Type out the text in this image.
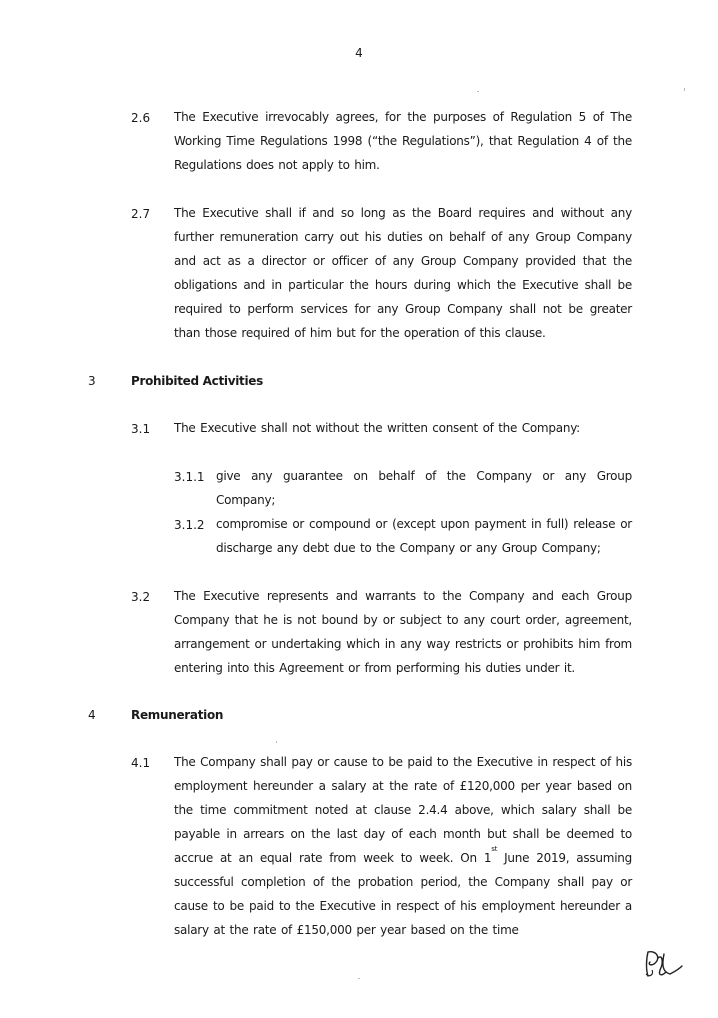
4
2.6 The Executive irrevocably agrees, for the purposes of Regulation 5 of The Working Time Regulations 1998 (“the Regulations”), that Regulation 4 of the Regulations does not apply to him.
2.7 The Executive shall if and so long as the Board requires and without any further remuneration carry out his duties on behalf of any Group Company and act as a director or officer of any Group Company provided that the obligations and in particular the hours during which the Executive shall be required to perform services for any Group Company shall not be greater than those required of him but for the operation of this clause.
3	Prohibited Activities
3.1 The Executive shall not without the written consent of the Company:
3.1.1 give any guarantee on behalf of the Company or any Group Company;
3.1.2 compromise or compound or (except upon payment in full) release or discharge any debt due to the Company or any Group Company;
3.2 The Executive represents and warrants to the Company and each Group Company that he is not bound by or subject to any court order, agreement, arrangement or undertaking which in any way restricts or prohibits him from entering into this Agreement or from performing his duties under it.
4	Remuneration
4.1 The Company shall pay or cause to be paid to the Executive in respect of his employment hereunder a salary at the rate of £120,000 per year based on the time commitment noted at clause 2.4.4 above, which salary shall be payable in arrears on the last day of each month but shall be deemed to accrue at an equal rate from week to week. On 1st June 2019, assuming successful completion of the probation period, the Company shall pay or cause to be paid to the Executive in respect of his employment hereunder a salary at the rate of £150,000 per year based on the time
